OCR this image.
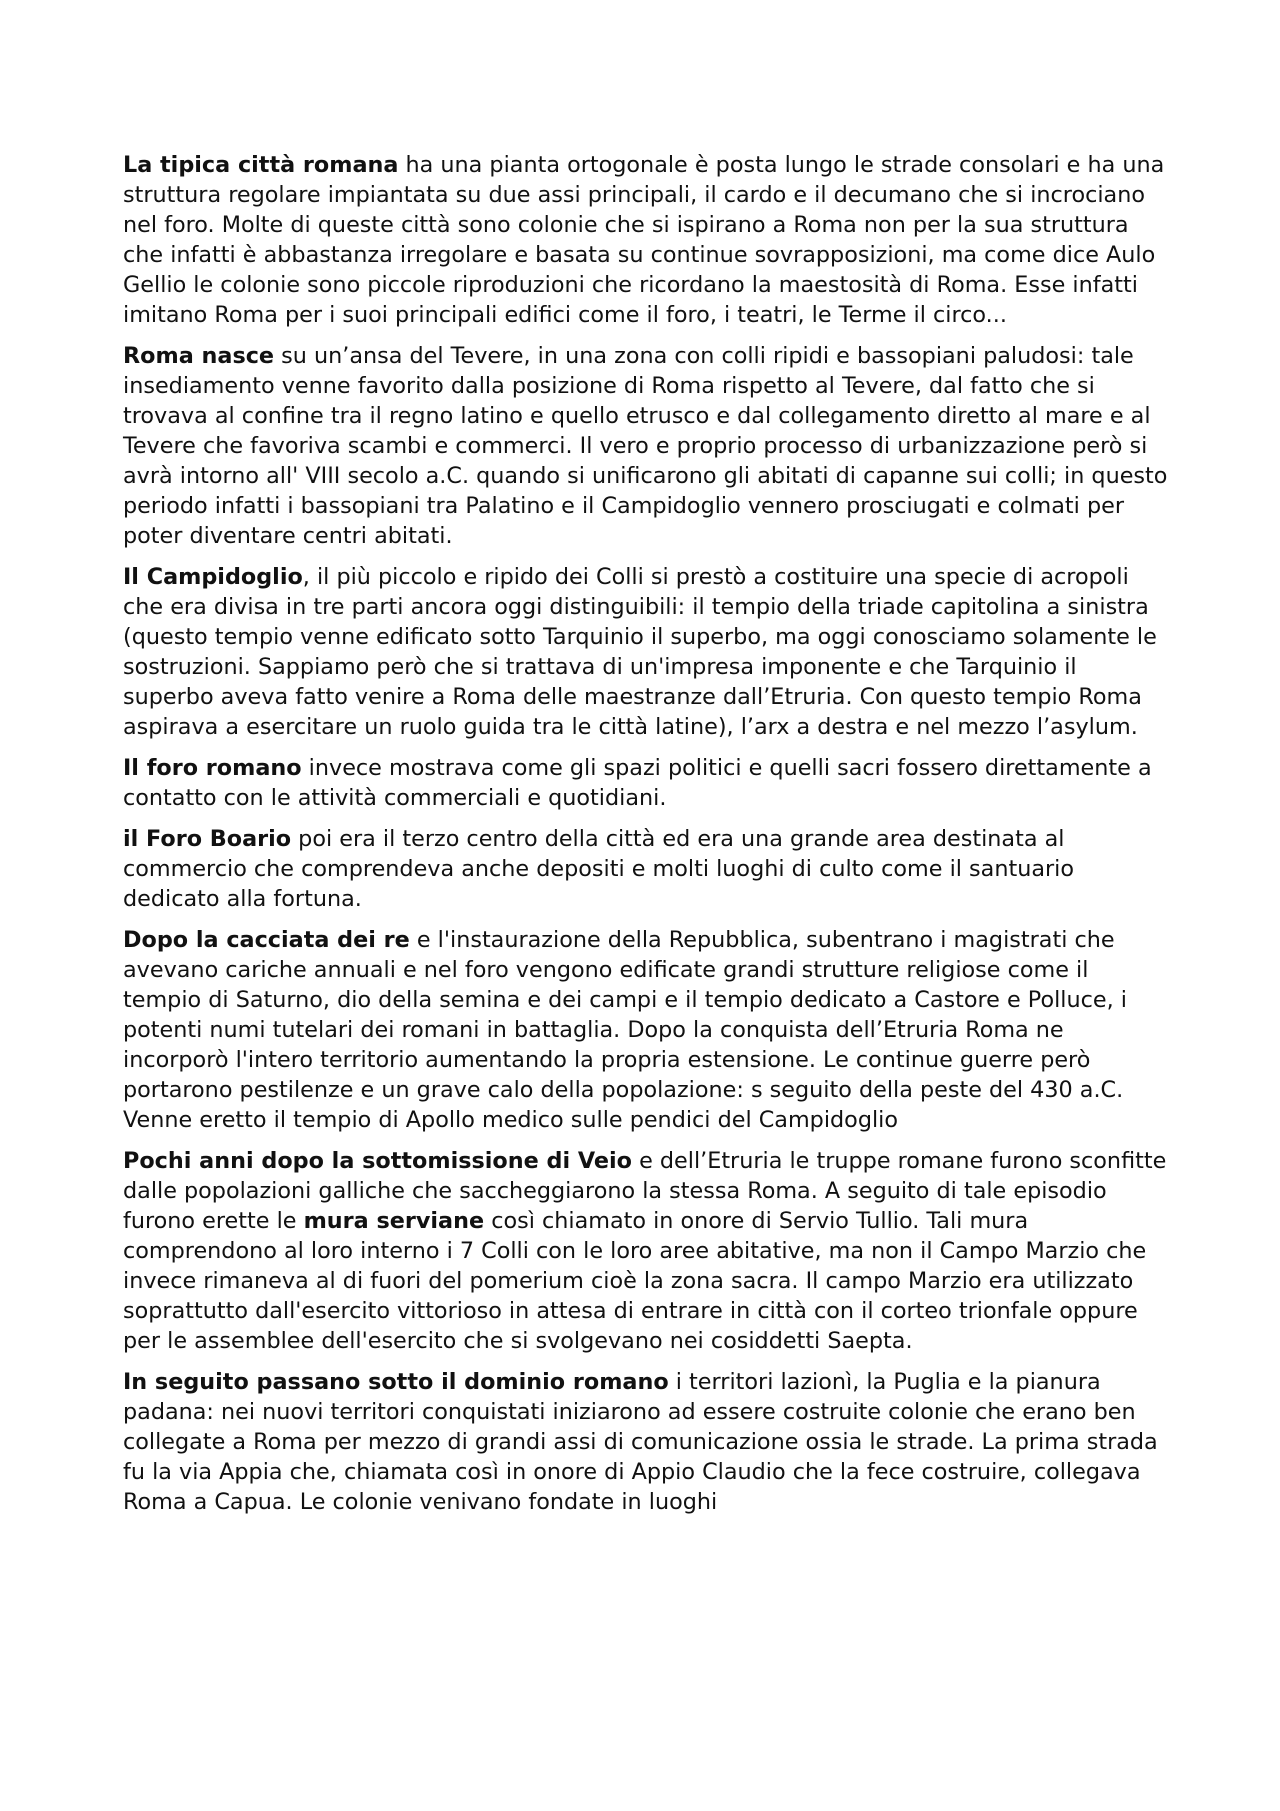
La tipica città romana ha una pianta ortogonale è posta lungo le strade consolari e ha una struttura regolare impiantata su due assi principali, il cardo e il decumano che si incrociano nel foro. Molte di queste città sono colonie che si ispirano a Roma non per la sua struttura che infatti è abbastanza irregolare e basata su continue sovrapposizioni, ma come dice Aulo Gellio le colonie sono piccole riproduzioni che ricordano la maestosità di Roma. Esse infatti imitano Roma per i suoi principali edifici come il foro, i teatri, le Terme il circo...

Roma nasce su un’ansa del Tevere, in una zona con colli ripidi e bassopiani paludosi: tale insediamento venne favorito dalla posizione di Roma rispetto al Tevere, dal fatto che si trovava al confine tra il regno latino e quello etrusco e dal collegamento diretto al mare e al Tevere che favoriva scambi e commerci. Il vero e proprio processo di urbanizzazione però si avrà intorno all' VIII secolo a.C. quando si unificarono gli abitati di capanne sui colli; in questo periodo infatti i bassopiani tra Palatino e il Campidoglio vennero prosciugati e colmati per poter diventare centri abitati.

Il Campidoglio, il più piccolo e ripido dei Colli si prestò a costituire una specie di acropoli che era divisa in tre parti ancora oggi distinguibili: il tempio della triade capitolina a sinistra (questo tempio venne edificato sotto Tarquinio il superbo, ma oggi conosciamo solamente le sostruzioni. Sappiamo però che si trattava di un'impresa imponente e che Tarquinio il superbo aveva fatto venire a Roma delle maestranze dall’Etruria. Con questo tempio Roma aspirava a esercitare un ruolo guida tra le città latine), l’arx a destra e nel mezzo l’asylum.

Il foro romano invece mostrava come gli spazi politici e quelli sacri fossero direttamente a contatto con le attività commerciali e quotidiani.

il Foro Boario poi era il terzo centro della città ed era una grande area destinata al commercio che comprendeva anche depositi e molti luoghi di culto come il santuario dedicato alla fortuna.

Dopo la cacciata dei re e l'instaurazione della Repubblica, subentrano i magistrati che avevano cariche annuali e nel foro vengono edificate grandi strutture religiose come il tempio di Saturno, dio della semina e dei campi e il tempio dedicato a Castore e Polluce, i potenti numi tutelari dei romani in battaglia. Dopo la conquista dell’Etruria Roma ne incorporò l'intero territorio aumentando la propria estensione. Le continue guerre però portarono pestilenze e un grave calo della popolazione: s seguito della peste del 430 a.C. Venne eretto il tempio di Apollo medico sulle pendici del Campidoglio

Pochi anni dopo la sottomissione di Veio e dell’Etruria le truppe romane furono sconfitte dalle popolazioni galliche che saccheggiarono la stessa Roma. A seguito di tale episodio furono erette le mura serviane così chiamato in onore di Servio Tullio. Tali mura comprendono al loro interno i 7 Colli con le loro aree abitative, ma non il Campo Marzio che invece rimaneva al di fuori del pomerium cioè la zona sacra. Il campo Marzio era utilizzato soprattutto dall'esercito vittorioso in attesa di entrare in città con il corteo trionfale oppure per le assemblee dell'esercito che si svolgevano nei cosiddetti Saepta.

In seguito passano sotto il dominio romano i territori lazionì, la Puglia e la pianura padana: nei nuovi territori conquistati iniziarono ad essere costruite colonie che erano ben collegate a Roma per mezzo di grandi assi di comunicazione ossia le strade. La prima strada fu la via Appia che, chiamata così in onore di Appio Claudio che la fece costruire, collegava Roma a Capua. Le colonie venivano fondate in luoghi
